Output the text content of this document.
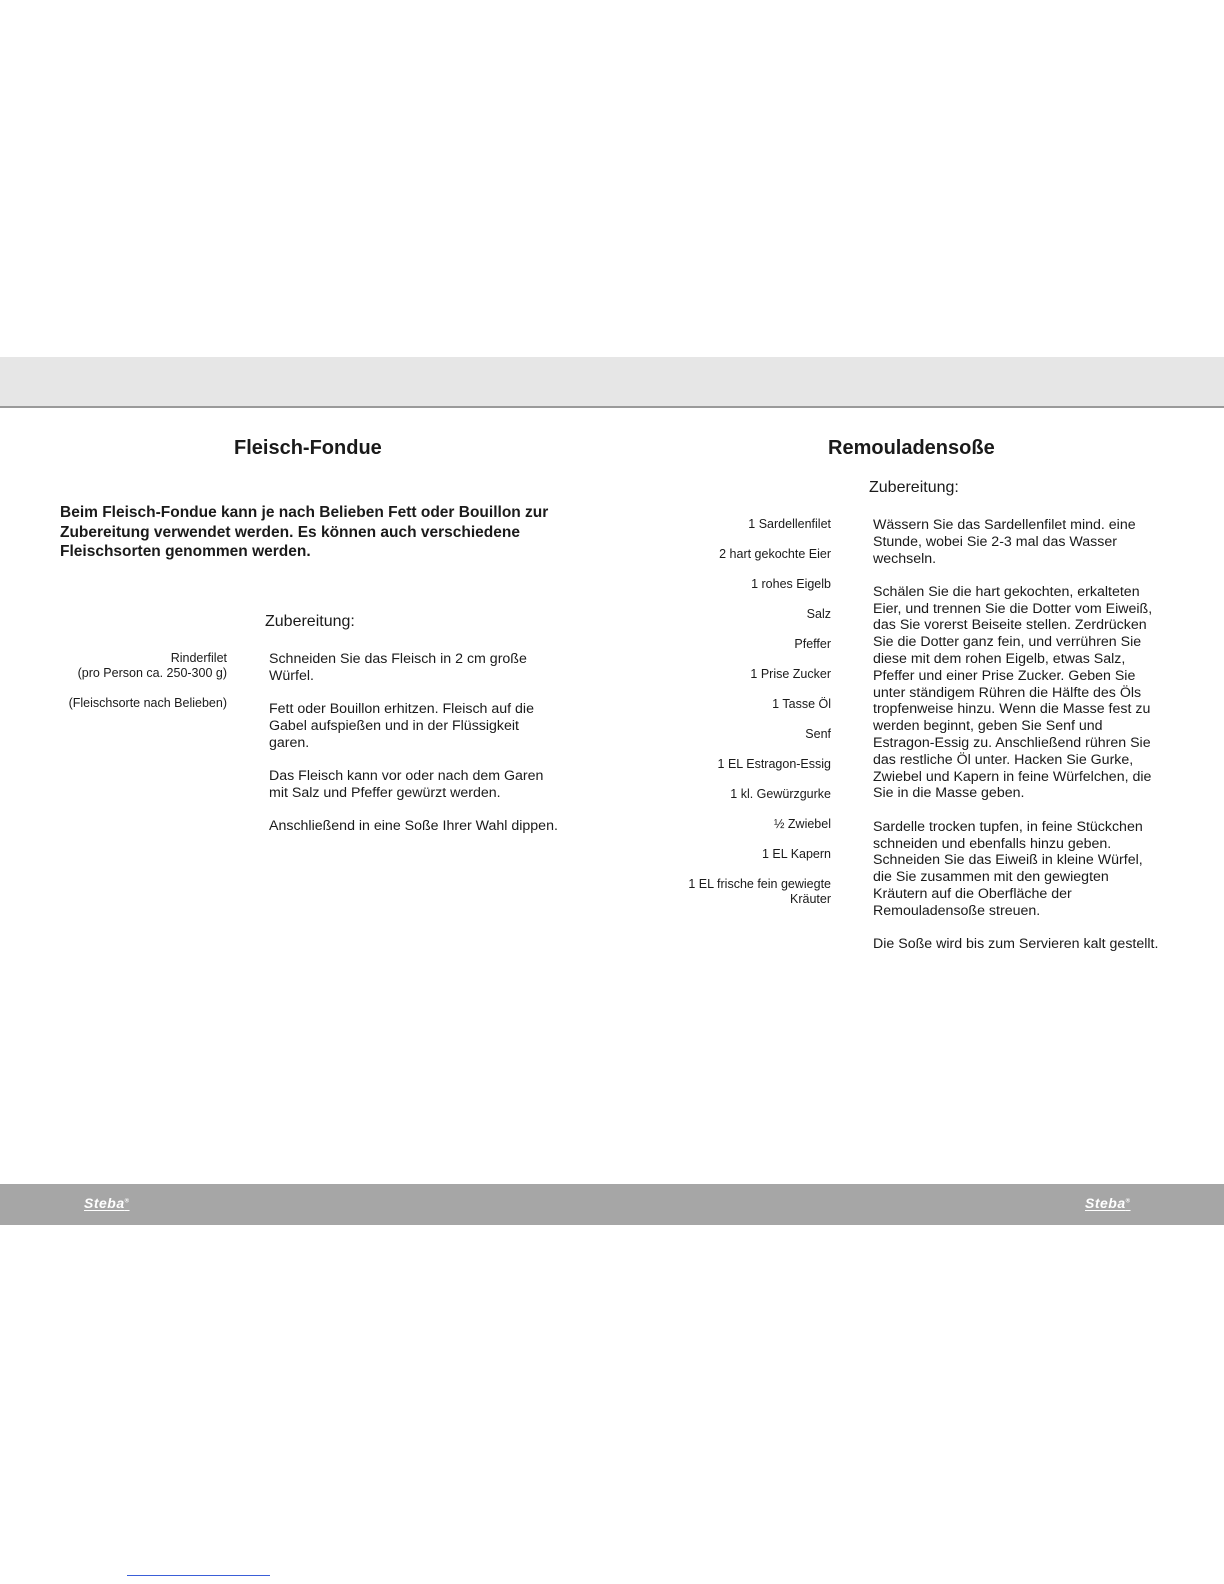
Fleisch-Fondue

Beim Fleisch-Fondue kann je nach Belieben Fett oder Bouillon zur Zubereitung verwendet werden. Es können auch verschiedene Fleischsorten genommen werden.

Zubereitung:
Rinderfilet
(pro Person ca. 250-300 g)
(Fleischsorte nach Belieben)

Schneiden Sie das Fleisch in 2 cm große Würfel.

Fett oder Bouillon erhitzen. Fleisch auf die Gabel aufspießen und in der Flüssigkeit garen.

Das Fleisch kann vor oder nach dem Garen mit Salz und Pfeffer gewürzt werden.

Anschließend in eine Soße Ihrer Wahl dippen.

Remouladensoße
Zubereitung:
1 Sardellenfilet
2 hart gekochte Eier
1 rohes Eigelb
Salz
Pfeffer
1 Prise Zucker
1 Tasse Öl
Senf
1 EL Estragon-Essig
1 kl. Gewürzgurke
½ Zwiebel
1 EL Kapern
1 EL frische fein gewiegte
Kräuter

Wässern Sie das Sardellenfilet mind. eine Stunde, wobei Sie 2-3 mal das Wasser wechseln.

Schälen Sie die hart gekochten, erkalteten Eier, und trennen Sie die Dotter vom Eiweiß, das Sie vorerst Beiseite stellen. Zerdrücken Sie die Dotter ganz fein, und verrühren Sie diese mit dem rohen Eigelb, etwas Salz, Pfeffer und einer Prise Zucker. Geben Sie unter ständigem Rühren die Hälfte des Öls tropfenweise hinzu. Wenn die Masse fest zu werden beginnt, geben Sie Senf und Estragon-Essig zu. Anschließend rühren Sie das restliche Öl unter. Hacken Sie Gurke, Zwiebel und Kapern in feine Würfelchen, die Sie in die Masse geben.

Sardelle trocken tupfen, in feine Stückchen schneiden und ebenfalls hinzu geben. Schneiden Sie das Eiweiß in kleine Würfel, die Sie zusammen mit den gewiegten Kräutern auf die Oberfläche der Remouladensoße streuen.

Die Soße wird bis zum Servieren kalt gestellt.

Steba®	Steba®
